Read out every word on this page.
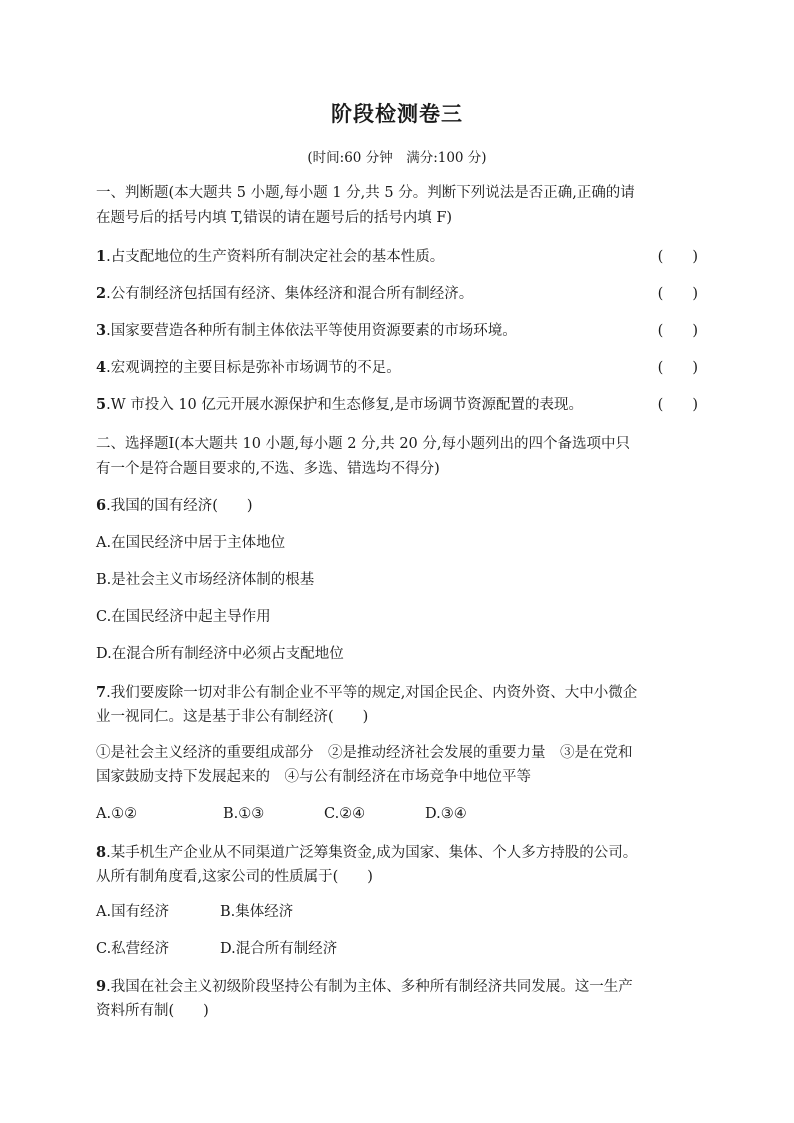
阶段检测卷三
(时间:60 分钟　满分:100 分)
一、判断题(本大题共 5 小题,每小题 1 分,共 5 分。判断下列说法是否正确,正确的请
在题号后的括号内填 T,错误的请在题号后的括号内填 F)
1.占支配地位的生产资料所有制决定社会的基本性质。	(　　)
2.公有制经济包括国有经济、集体经济和混合所有制经济。	(　　)
3.国家要营造各种所有制主体依法平等使用资源要素的市场环境。	(　　)
4.宏观调控的主要目标是弥补市场调节的不足。	(　　)
5.W 市投入 10 亿元开展水源保护和生态修复,是市场调节资源配置的表现。	(　　)
二、选择题Ⅰ(本大题共 10 小题,每小题 2 分,共 20 分,每小题列出的四个备选项中只
有一个是符合题目要求的,不选、多选、错选均不得分)
6.我国的国有经济(　　)
A.在国民经济中居于主体地位
B.是社会主义市场经济体制的根基
C.在国民经济中起主导作用
D.在混合所有制经济中必须占支配地位
7.我们要废除一切对非公有制企业不平等的规定,对国企民企、内资外资、大中小微企
业一视同仁。这是基于非公有制经济(　　)
①是社会主义经济的重要组成部分　②是推动经济社会发展的重要力量　③是在党和
国家鼓励支持下发展起来的　④与公有制经济在市场竞争中地位平等
A.①②	B.①③	C.②④	D.③④
8.某手机生产企业从不同渠道广泛筹集资金,成为国家、集体、个人多方持股的公司。
从所有制角度看,这家公司的性质属于(　　)
A.国有经济	B.集体经济
C.私营经济	D.混合所有制经济
9.我国在社会主义初级阶段坚持公有制为主体、多种所有制经济共同发展。这一生产
资料所有制(　　)
